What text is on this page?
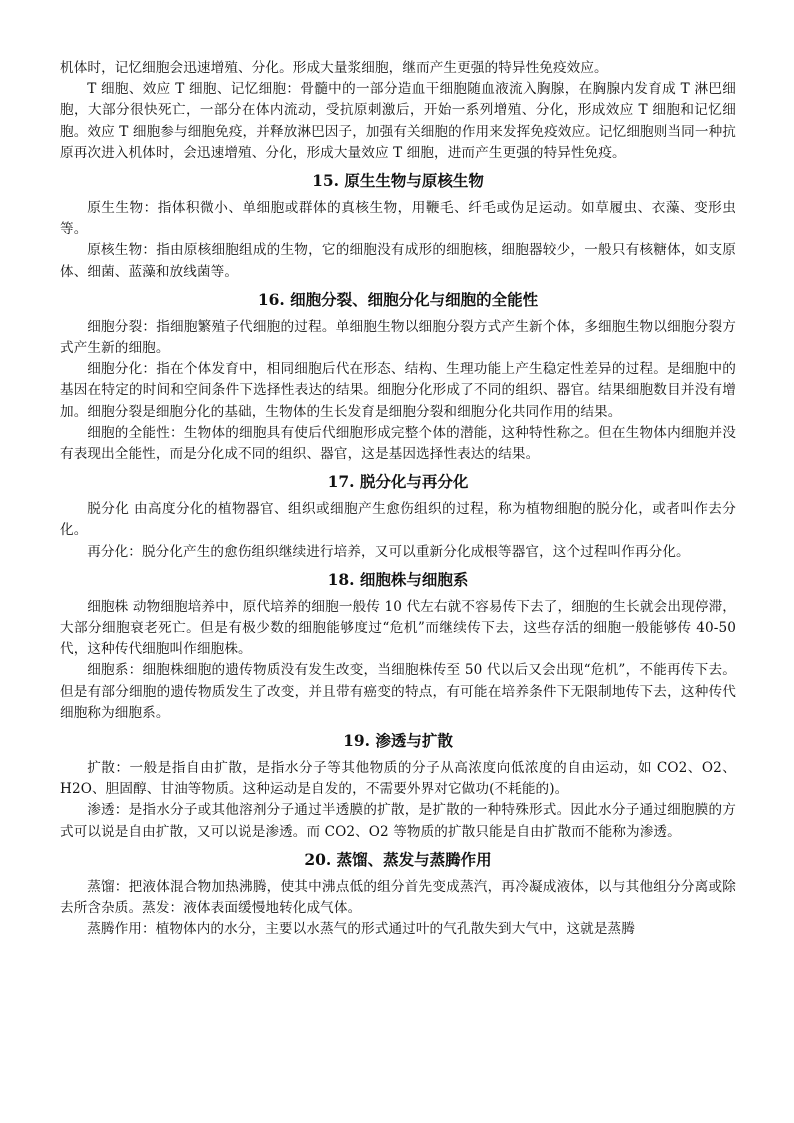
机体时，记忆细胞会迅速增殖、分化。形成大量浆细胞，继而产生更强的特异性免疫效应。

T 细胞、效应 T 细胞、记忆细胞：骨髓中的一部分造血干细胞随血液流入胸腺，在胸腺内发育成 T 淋巴细胞，大部分很快死亡，一部分在体内流动，受抗原刺激后，开始一系列增殖、分化，形成效应 T 细胞和记忆细胞。效应 T 细胞参与细胞免疫，并释放淋巴因子，加强有关细胞的作用来发挥免疫效应。记忆细胞则当同一种抗原再次进入机体时，会迅速增殖、分化，形成大量效应 T 细胞，进而产生更强的特异性免疫。

15. 原生生物与原核生物

原生生物：指体积微小、单细胞或群体的真核生物，用鞭毛、纤毛或伪足运动。如草履虫、衣藻、变形虫等。

原核生物：指由原核细胞组成的生物，它的细胞没有成形的细胞核，细胞器较少，一般只有核糖体，如支原体、细菌、蓝藻和放线菌等。

16. 细胞分裂、细胞分化与细胞的全能性

细胞分裂：指细胞繁殖子代细胞的过程。单细胞生物以细胞分裂方式产生新个体，多细胞生物以细胞分裂方式产生新的细胞。

细胞分化：指在个体发育中，相同细胞后代在形态、结构、生理功能上产生稳定性差异的过程。是细胞中的基因在特定的时间和空间条件下选择性表达的结果。细胞分化形成了不同的组织、器官。结果细胞数目并没有增加。细胞分裂是细胞分化的基础，生物体的生长发育是细胞分裂和细胞分化共同作用的结果。

细胞的全能性：生物体的细胞具有使后代细胞形成完整个体的潜能，这种特性称之。但在生物体内细胞并没有表现出全能性，而是分化成不同的组织、器官，这是基因选择性表达的结果。

17. 脱分化与再分化

脱分化 由高度分化的植物器官、组织或细胞产生愈伤组织的过程，称为植物细胞的脱分化，或者叫作去分化。

再分化：脱分化产生的愈伤组织继续进行培养，又可以重新分化成根等器官，这个过程叫作再分化。

18. 细胞株与细胞系

细胞株 动物细胞培养中，原代培养的细胞一般传 10 代左右就不容易传下去了，细胞的生长就会出现停滞，大部分细胞衰老死亡。但是有极少数的细胞能够度过“危机”而继续传下去，这些存活的细胞一般能够传 40-50 代，这种传代细胞叫作细胞株。

细胞系：细胞株细胞的遗传物质没有发生改变，当细胞株传至 50 代以后又会出现“危机”，不能再传下去。但是有部分细胞的遗传物质发生了改变，并且带有癌变的特点，有可能在培养条件下无限制地传下去，这种传代细胞称为细胞系。

19. 渗透与扩散

扩散：一般是指自由扩散，是指水分子等其他物质的分子从高浓度向低浓度的自由运动，如 CO2、O2、H2O、胆固醇、甘油等物质。这种运动是自发的，不需要外界对它做功(不耗能的)。

渗透：是指水分子或其他溶剂分子通过半透膜的扩散，是扩散的一种特殊形式。因此水分子通过细胞膜的方式可以说是自由扩散，又可以说是渗透。而 CO2、O2 等物质的扩散只能是自由扩散而不能称为渗透。

20. 蒸馏、蒸发与蒸腾作用

蒸馏：把液体混合物加热沸腾，使其中沸点低的组分首先变成蒸汽，再冷凝成液体，以与其他组分分离或除去所含杂质。蒸发：液体表面缓慢地转化成气体。

蒸腾作用：植物体内的水分，主要以水蒸气的形式通过叶的气孔散失到大气中，这就是蒸腾
